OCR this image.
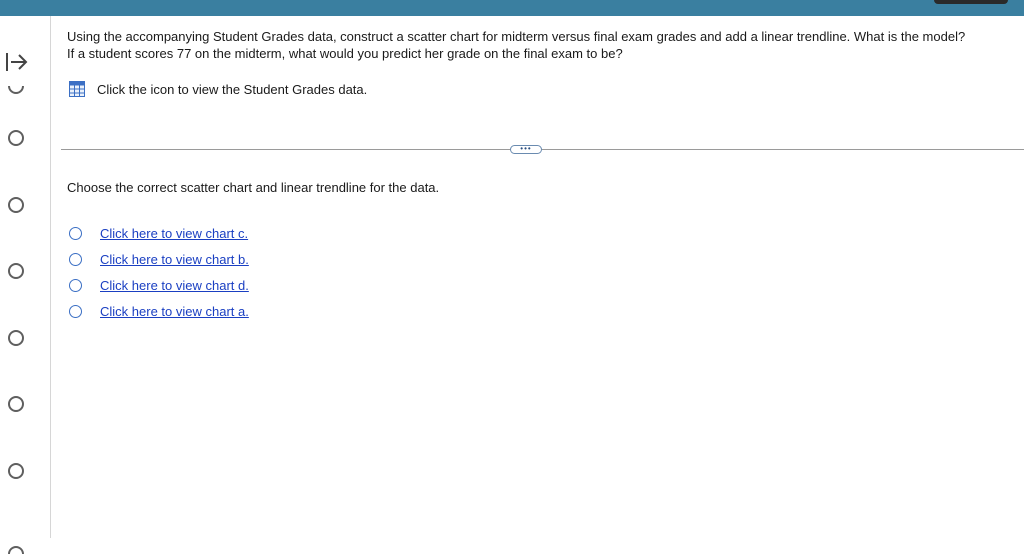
Using the accompanying Student Grades data, construct a scatter chart for midterm versus final exam grades and add a linear trendline. What is the model?
If a student scores 77 on the midterm, what would you predict her grade on the final exam to be?

Click the icon to view the Student Grades data.
•••
Choose the correct scatter chart and linear trendline for the data.
Click here to view chart c.
Click here to view chart b.
Click here to view chart d.
Click here to view chart a.
